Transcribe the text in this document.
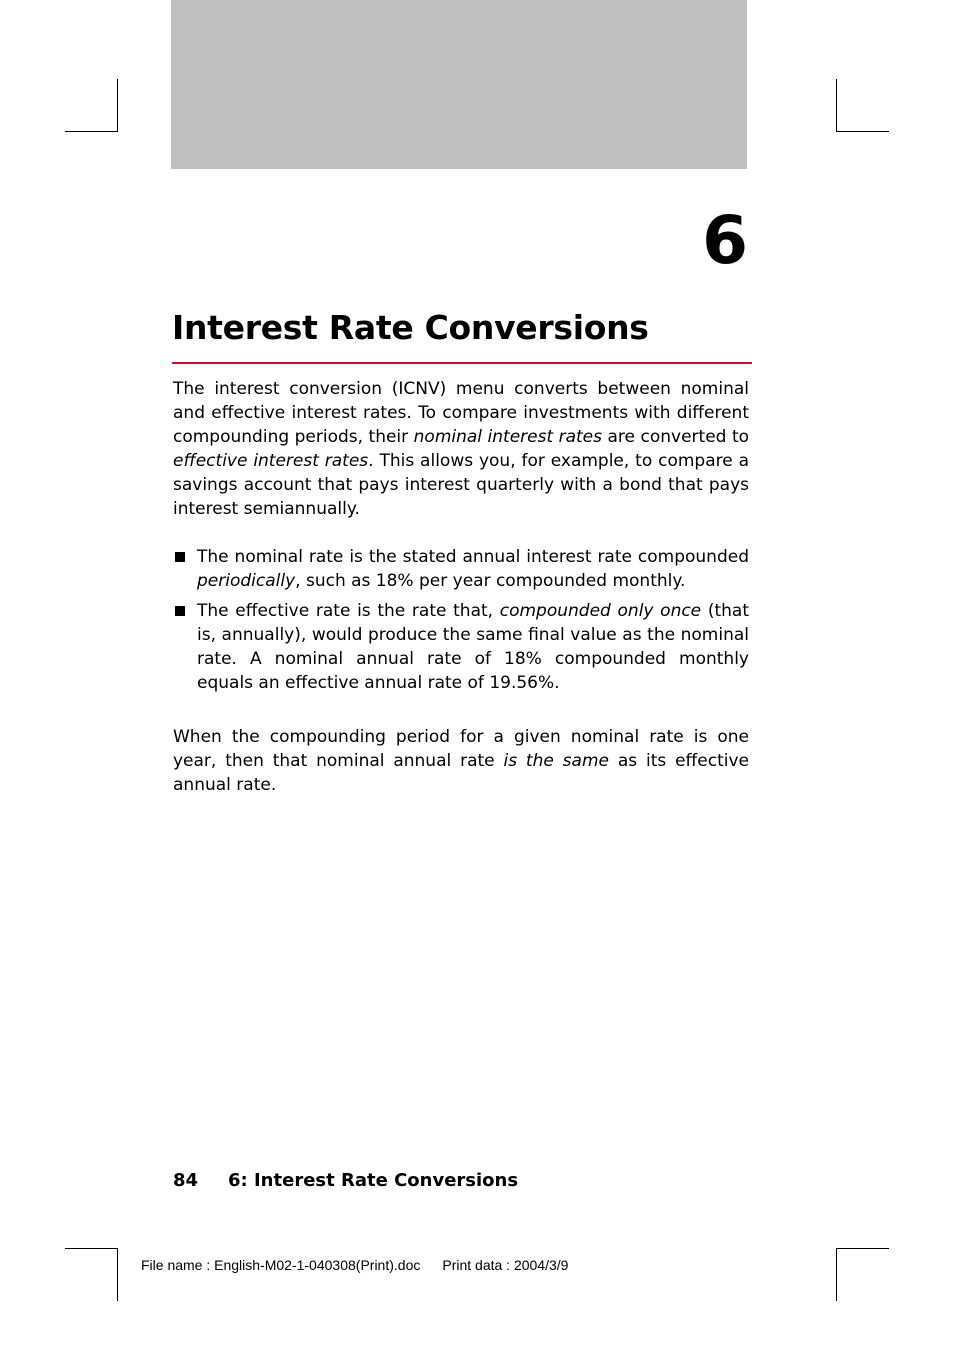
6
Interest Rate Conversions

The interest conversion (ICNV) menu converts between nominal and effective interest rates. To compare investments with different compounding periods, their nominal interest rates are converted to effective interest rates. This allows you, for example, to compare a savings account that pays interest quarterly with a bond that pays interest semiannually.

The nominal rate is the stated annual interest rate compounded periodically, such as 18% per year compounded monthly.
The effective rate is the rate that, compounded only once (that is, annually), would produce the same final value as the nominal rate. A nominal annual rate of 18% compounded monthly equals an effective annual rate of 19.56%.

When the compounding period for a given nominal rate is one year, then that nominal annual rate is the same as its effective annual rate.

84 6: Interest Rate Conversions
File name : English-M02-1-040308(Print).doc Print data : 2004/3/9
